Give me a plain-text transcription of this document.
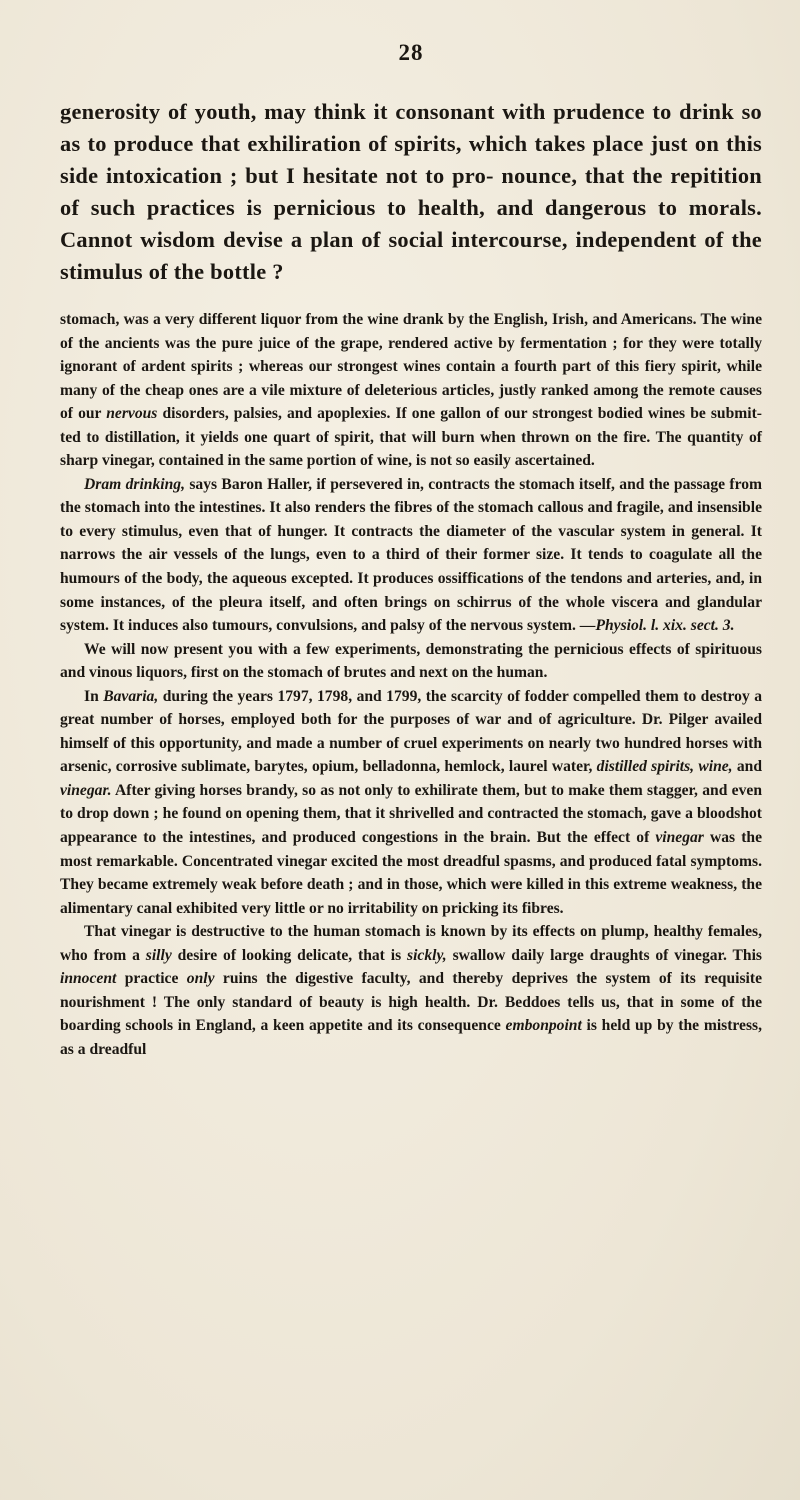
28

generosity of youth, may think it consonant with prudence to drink so as to produce that exhiliration of spirits, which takes place just on this side intoxication ; but I hesitate not to pro- nounce, that the repitition of such practices is pernicious to health, and dangerous to morals. Cannot wisdom devise a plan of social intercourse, independent of the stimulus of the bottle ?

stomach, was a very different liquor from the wine drank by the English, Irish, and Americans. The wine of the ancients was the pure juice of the grape, rendered active by fermentation ; for they were totally ignorant of ardent spirits ; whereas our strongest wines contain a fourth part of this fiery spirit, while many of the cheap ones are a vile mixture of deleterious articles, justly ranked among the remote causes of our nervous disorders, palsies, and apoplexies. If one gallon of our strongest bodied wines be submit- ted to distillation, it yields one quart of spirit, that will burn when thrown on the fire. The quantity of sharp vinegar, contained in the same portion of wine, is not so easily ascertained.

Dram drinking, says Baron Haller, if persevered in, contracts the stomach itself, and the passage from the stomach into the intestines. It also renders the fibres of the stomach callous and fragile, and insensible to every stimulus, even that of hunger. It contracts the diameter of the vascular system in general. It narrows the air vessels of the lungs, even to a third of their former size. It tends to coagulate all the humours of the body, the aqueous excepted. It produces ossiffications of the tendons and arteries, and, in some instances, of the pleura itself, and often brings on schirrus of the whole viscera and glandular system. It induces also tumours, convulsions, and palsy of the nervous system. —Physiol. l. xix. sect. 3.

We will now present you with a few experiments, demonstrating the pernicious effects of spirituous and vinous liquors, first on the stomach of brutes and next on the human.

In Bavaria, during the years 1797, 1798, and 1799, the scarcity of fodder compelled them to destroy a great number of horses, employed both for the purposes of war and of agriculture. Dr. Pilger availed himself of this opportunity, and made a number of cruel experiments on nearly two hundred horses with arsenic, corrosive sublimate, barytes, opium, belladonna, hemlock, laurel water, distilled spirits, wine, and vinegar. After giving horses brandy, so as not only to exhilirate them, but to make them stagger, and even to drop down ; he found on opening them, that it shrivelled and contracted the stomach, gave a bloodshot appearance to the intestines, and produced congestions in the brain. But the effect of vinegar was the most remarkable. Concentrated vinegar excited the most dreadful spasms, and produced fatal symptoms. They became extremely weak before death ; and in those, which were killed in this extreme weakness, the alimentary canal exhibited very little or no irritability on pricking its fibres.

That vinegar is destructive to the human stomach is known by its effects on plump, healthy females, who from a silly desire of looking delicate, that is sickly, swallow daily large draughts of vinegar. This innocent practice only ruins the digestive faculty, and thereby deprives the system of its requisite nourishment ! The only standard of beauty is high health. Dr. Beddoes tells us, that in some of the boarding schools in England, a keen appetite and its consequence embonpoint is held up by the mistress, as a dreadful
